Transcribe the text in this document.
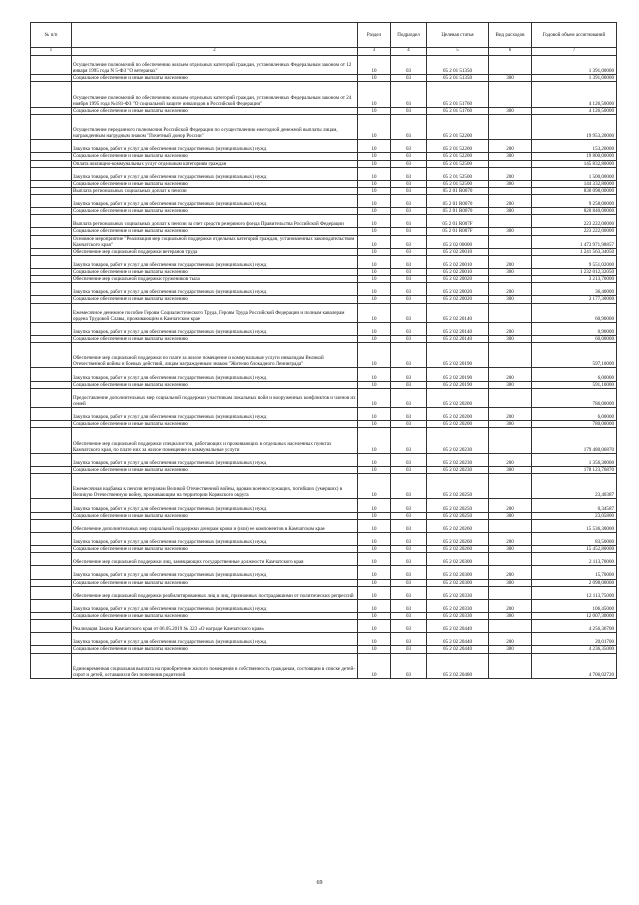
№ п/п		Раздел	Подраздел	Целевая статья	Вид расходов	Годовой объем ассигнований
1	2	3	4	5	6	7
	Осуществление полномочий по обеспечению жильем отдельных категорий граждан, установленных Федеральным законом от 12 января 1995 года N 5-ФЗ "О ветеранах"	10	03	05 2 01 51350		1 391,00000
	Социальное обеспечение и иные выплаты населению	10	03	05 2 01 51350	300	1 391,00000
	Осуществление полномочий по обеспечению жильем отдельных категорий граждан, установленных Федеральным законом от 24 ноября 1995 года №181-ФЗ "О социальной защите инвалидов в Российской Федерации"	10	03	05 2 01 51760		4 126,50000
	Социальное обеспечение и иные выплаты населению	10	03	05 2 01 51760	300	4 126,50000
	Осуществление переданного полномочия Российской Федерации по осуществлению ежегодной денежной выплаты лицам, награжденным нагрудным знаком "Почетный донор России"	10	03	05 2 01 52200		19 953,20000
	Закупка товаров, работ и услуг для обеспечения государственных (муниципальных) нужд	10	03	05 2 01 52200	200	153,20000
	Социальное обеспечение и иные выплаты населению	10	03	05 2 01 52200	300	19 800,00000
	Оплата жилищно-коммунальных услуг отдельным категориям граждан	10	03	05 2 01 52500		145 832,80000
	Закупка товаров, работ и услуг для обеспечения государственных (муниципальных) нужд	10	03	05 2 01 52500	200	1 500,00000
	Социальное обеспечение и иные выплаты населению	10	03	05 2 01 52500	300	144 332,80000
	Выплата региональных социальных доплат к пенсии	10	03	05 2 01 R0070		830 098,00000
	Закупка товаров, работ и услуг для обеспечения государственных (муниципальных) нужд	10	03	05 2 01 R0070	200	9 258,00000
	Социальное обеспечение и иные выплаты населению	10	03	05 2 01 R0070	300	820 840,00000
	Выплата региональных социальных доплат к пенсии за счет средств резервного фонда Правительства Российской Федерации	10	03	05 2 01 R007F		223 222,00000
	Социальное обеспечение и иные выплаты населению	10	03	05 2 01 R007F	300	223 222,00000
	Основное мероприятие "Реализация мер социальной поддержки отдельных категорий граждан, установленных законодательством Камчатского края"	10	03	05 2 02 00000		1 473 971,98857
	Обеспечение мер социальной поддержки ветеранов труда	10	03	05 2 02 20010		1 241 563,34050
	Закупка товаров, работ и услуг для обеспечения государственных (муниципальных) нужд	10	03	05 2 02 20010	200	9 551,02000
	Социальное обеспечение и иные выплаты населению	10	03	05 2 02 20010	300	1 232 012,32050
	Обеспечение мер социальной поддержки тружеников тыла	10	03	05 2 02 20020		3 213,70000
	Закупка товаров, работ и услуг для обеспечения государственных (муниципальных) нужд	10	03	05 2 02 20020	200	36,40000
	Социальное обеспечение и иные выплаты населению	10	03	05 2 02 20020	300	3 177,30000
	Ежемесячное денежное пособие Героям Социалистического Труда, Героям Труда Российской Федерации и полным кавалерам ордена Трудовой Славы, проживающим в Камчатском крае	10	03	05 2 02 20140		60,90000
	Закупка товаров, работ и услуг для обеспечения государственных (муниципальных) нужд	10	03	05 2 02 20140	200	0,90000
	Социальное обеспечение и иные выплаты населению	10	03	05 2 02 20140	300	60,00000
	Обеспечение мер социальной поддержки по плате за жилое помещение и коммунальные услуги инвалидам Великой Отечественной войны и боевых действий, лицам награжденным знаком "Жителю блокадного Ленинграда"	10	03	05 2 02 20190		597,10000
	Закупка товаров, работ и услуг для обеспечения государственных (муниципальных) нужд	10	03	05 2 02 20190	200	6,00000
	Социальное обеспечение и иные выплаты населению	10	03	05 2 02 20190	300	591,10000
	Предоставление дополнительных мер социальной поддержки участникам локальных войн и вооруженных конфликтов и членов их семей	10	03	05 2 02 20200		786,00000
	Закупка товаров, работ и услуг для обеспечения государственных (муниципальных) нужд	10	03	05 2 02 20200	200	6,00000
	Социальное обеспечение и иные выплаты населению	10	03	05 2 02 20200	300	780,00000
	Обеспечение мер социальной поддержки специалистов, работающих и проживающих в отдельных населенных пунктах Камчатского края, по плате них за жилое помещение и коммунальные услуги	10	03	05 2 02 20230		179 480,06870
	Закупка товаров, работ и услуг для обеспечения государственных (муниципальных) нужд	10	03	05 2 02 20230	200	1 356,30000
	Социальное обеспечение и иные выплаты населению	10	03	05 2 02 20230	300	178 123,76870
	Ежемесячная надбавка к пенсии ветеранам Великой Отечественной войны, вдовам военнослужащих, погибших (умерших) в Великую Отечественную войну, проживающим на территории Корякского округа	10	03	05 2 02 20250		23,40387
	Закупка товаров, работ и услуг для обеспечения государственных (муниципальных) нужд	10	03	05 2 02 20250	200	0,34587
	Социальное обеспечение и иные выплаты населению	10	03	05 2 02 20250	300	23,05800
	Обеспечение дополнительных мер социальной поддержки донорам крови и (или) ее компонентов в Камчатском крае	10	03	05 2 02 20260		15 536,30000
	Закупка товаров, работ и услуг для обеспечения государственных (муниципальных) нужд	10	03	05 2 02 20260	200	83,50000
	Социальное обеспечение и иные выплаты населению	10	03	05 2 02 20260	300	15 452,80000
	Обеспечение мер социальной поддержки лиц, замещающих государственные должности Камчатского края	10	03	05 2 02 20300		2 113,70000
	Закупка товаров, работ и услуг для обеспечения государственных (муниципальных) нужд	10	03	05 2 02 20300	200	15,70000
	Социальное обеспечение и иные выплаты населению	10	03	05 2 02 20300	300	2 098,00000
	Обеспечение мер социальной поддержки реабилитированных лиц и лиц, признанных пострадавшими от политических репрессий	10	03	05 2 02 20330		12 113,75000
	Закупка товаров, работ и услуг для обеспечения государственных (муниципальных) нужд	10	03	05 2 02 20330	200	106,45000
	Социальное обеспечение и иные выплаты населению	10	03	05 2 02 20330	300	12 007,30000
	Реализация Закона Камчатского края от 06.05.2019 № 323 «О награде Камчатского края»	10	03	05 2 02 20440		4 256,36700
	Закупка товаров, работ и услуг для обеспечения государственных (муниципальных) нужд	10	03	05 2 02 20440	200	20,01700
	Социальное обеспечение и иные выплаты населению	10	03	05 2 02 20440	300	4 236,35000
	Единовременная социальная выплата на приобретение жилого помещения в собственность гражданам, состоящим в списке детей-сирот и детей, оставшихся без попечения родителей	10	03	05 2 02 20480		4 706,02720
69
